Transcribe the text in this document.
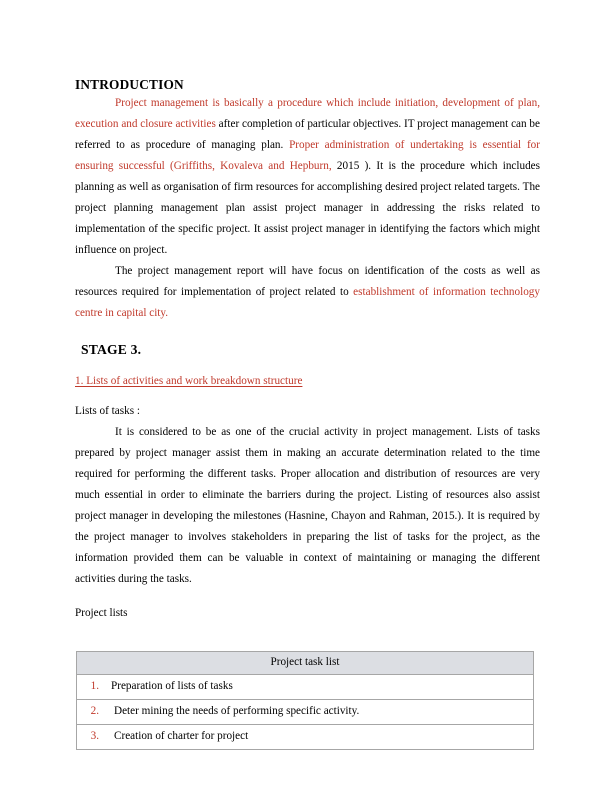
INTRODUCTION

Project management is basically a procedure which include initiation, development of plan, execution and closure activities after completion of particular objectives. IT project management can be referred to as procedure of managing plan. Proper administration of undertaking is essential for ensuring successful (Griffiths, Kovaleva and Hepburn, 2015 ). It is the procedure which includes planning as well as organisation of firm resources for accomplishing desired project related targets. The project planning management plan assist project manager in addressing the risks related to implementation of the specific project. It assist project manager in identifying the factors which might influence on project.

The project management report will have focus on identification of the costs as well as resources required for implementation of project related to establishment of information technology centre in capital city.

STAGE 3.
1. Lists of activities and work breakdown structure
Lists of tasks :

It is considered to be as one of the crucial activity in project management. Lists of tasks prepared by project manager assist them in making an accurate determination related to the time required for performing the different tasks. Proper allocation and distribution of resources are very much essential in order to eliminate the barriers during the project. Listing of resources also assist project manager in developing the milestones (Hasnine, Chayon and Rahman, 2015.). It is required by the project manager to involves stakeholders in preparing the list of tasks for the project, as the information provided them can be valuable in context of maintaining or managing the different activities during the tasks.

Project lists
Project task list

1.	Preparation of lists of tasks

2.	Deter mining the needs of performing specific activity.

3.	Creation of charter for project
